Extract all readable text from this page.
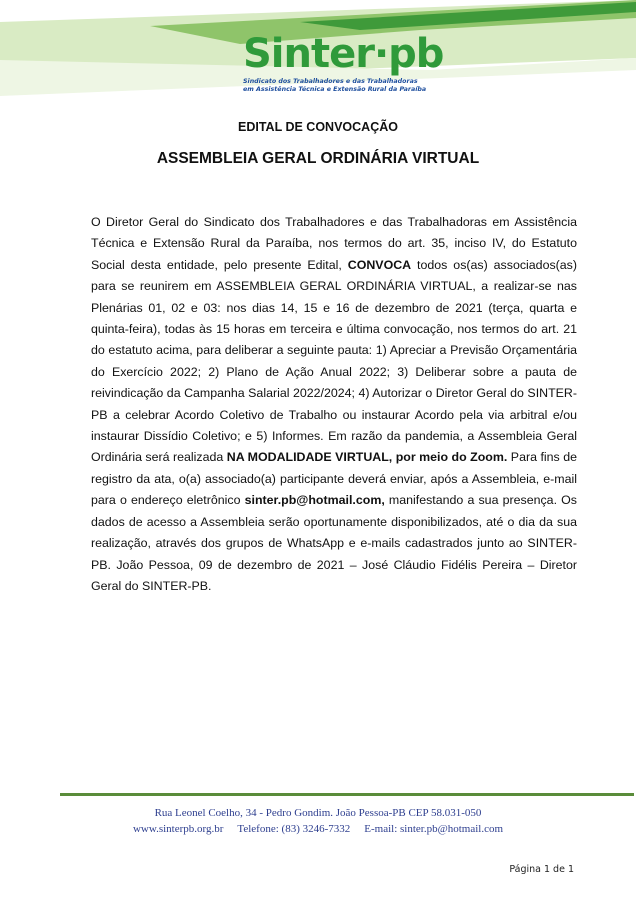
Sinter·pb
Sindicato dos Trabalhadores e das Trabalhadoras
em Assistência Técnica e Extensão Rural da Paraíba
EDITAL DE CONVOCAÇÃO
ASSEMBLEIA GERAL ORDINÁRIA VIRTUAL

O Diretor Geral do Sindicato dos Trabalhadores e das Trabalhadoras em Assistência Técnica e Extensão Rural da Paraíba, nos termos do art. 35, inciso IV, do Estatuto Social desta entidade, pelo presente Edital, CONVOCA todos os(as) associados(as) para se reunirem em ASSEMBLEIA GERAL ORDINÁRIA VIRTUAL, a realizar-se nas Plenárias 01, 02 e 03: nos dias 14, 15 e 16 de dezembro de 2021 (terça, quarta e quinta-feira), todas às 15 horas em terceira e última convocação, nos termos do art. 21 do estatuto acima, para deliberar a seguinte pauta: 1) Apreciar a Previsão Orçamentária do Exercício 2022; 2) Plano de Ação Anual 2022; 3) Deliberar sobre a pauta de reivindicação da Campanha Salarial 2022/2024; 4) Autorizar o Diretor Geral do SINTER-PB a celebrar Acordo Coletivo de Trabalho ou instaurar Acordo pela via arbitral e/ou instaurar Dissídio Coletivo; e 5) Informes. Em razão da pandemia, a Assembleia Geral Ordinária será realizada NA MODALIDADE VIRTUAL, por meio do Zoom. Para fins de registro da ata, o(a) associado(a) participante deverá enviar, após a Assembleia, e-mail para o endereço eletrônico sinter.pb@hotmail.com, manifestando a sua presença. Os dados de acesso a Assembleia serão oportunamente disponibilizados, até o dia da sua realização, através dos grupos de WhatsApp e e-mails cadastrados junto ao SINTER-PB. João Pessoa, 09 de dezembro de 2021 – José Cláudio Fidélis Pereira – Diretor Geral do SINTER-PB.

Rua Leonel Coelho, 34 - Pedro Gondim. João Pessoa-PB CEP 58.031-050

www.sinterpb.org.br Telefone: (83) 3246-7332 E-mail: sinter.pb@hotmail.com

Página 1 de 1
